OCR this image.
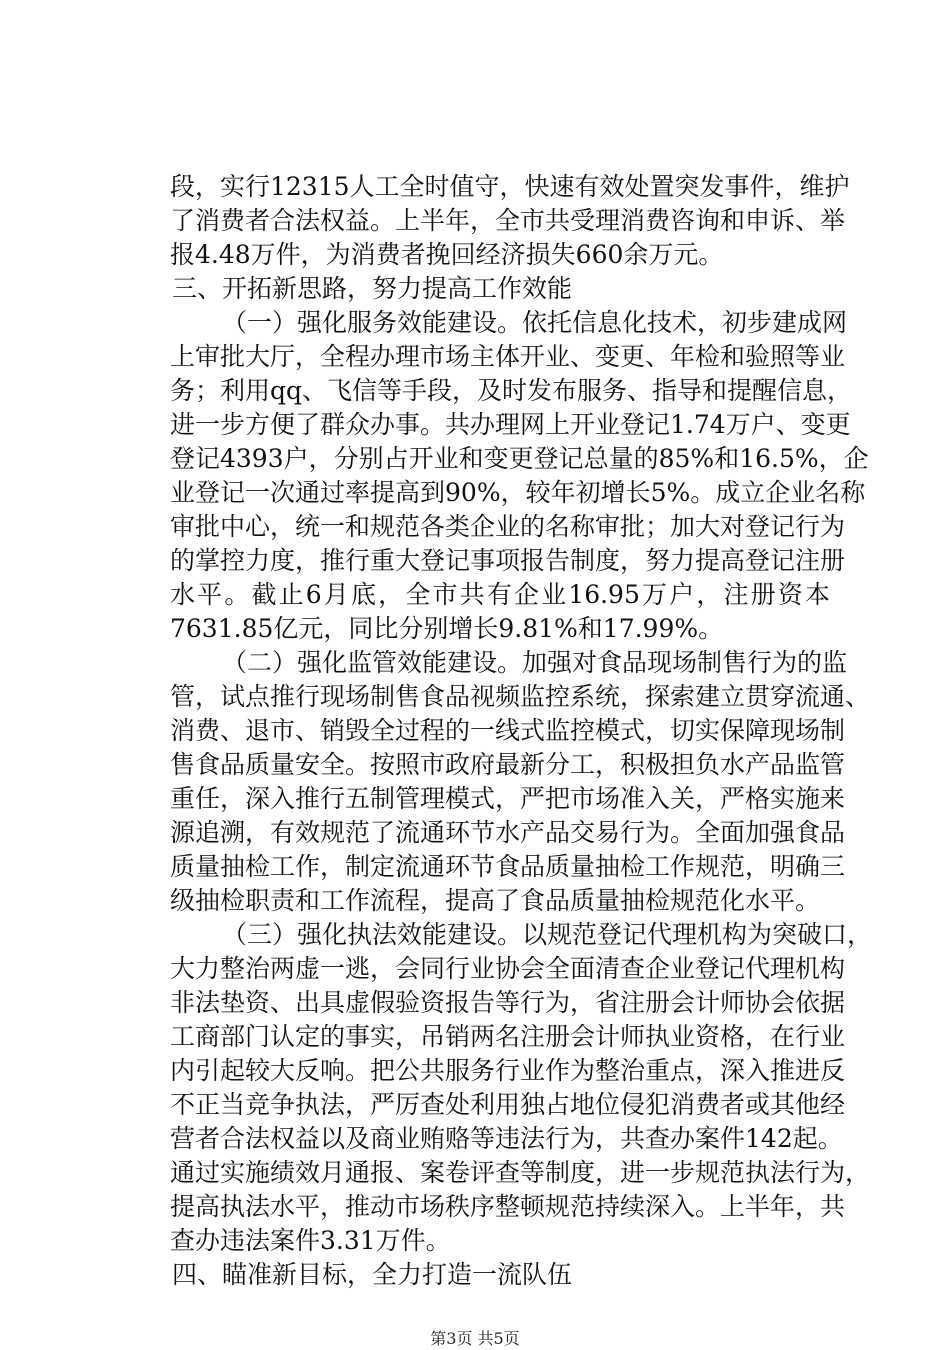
段，实行12315人工全时值守，快速有效处置突发事件，维护
了消费者合法权益。上半年，全市共受理消费咨询和申诉、举
报4.48万件，为消费者挽回经济损失660余万元。
三、开拓新思路，努力提高工作效能
（一）强化服务效能建设。依托信息化技术，初步建成网
上审批大厅，全程办理市场主体开业、变更、年检和验照等业
务；利用qq、飞信等手段，及时发布服务、指导和提醒信息，
进一步方便了群众办事。共办理网上开业登记1.74万户、变更
登记4393户，分别占开业和变更登记总量的85%和16.5%，企
业登记一次通过率提高到90%，较年初增长5%。成立企业名称
审批中心，统一和规范各类企业的名称审批；加大对登记行为
的掌控力度，推行重大登记事项报告制度，努力提高登记注册
水平。截止6月底，全市共有企业16.95万户，注册资本
7631.85亿元，同比分别增长9.81%和17.99%。
（二）强化监管效能建设。加强对食品现场制售行为的监
管，试点推行现场制售食品视频监控系统，探索建立贯穿流通、
消费、退市、销毁全过程的一线式监控模式，切实保障现场制
售食品质量安全。按照市政府最新分工，积极担负水产品监管
重任，深入推行五制管理模式，严把市场准入关，严格实施来
源追溯，有效规范了流通环节水产品交易行为。全面加强食品
质量抽检工作，制定流通环节食品质量抽检工作规范，明确三
级抽检职责和工作流程，提高了食品质量抽检规范化水平。
（三）强化执法效能建设。以规范登记代理机构为突破口，
大力整治两虚一逃，会同行业协会全面清查企业登记代理机构
非法垫资、出具虚假验资报告等行为，省注册会计师协会依据
工商部门认定的事实，吊销两名注册会计师执业资格，在行业
内引起较大反响。把公共服务行业作为整治重点，深入推进反
不正当竞争执法，严厉查处利用独占地位侵犯消费者或其他经
营者合法权益以及商业贿赂等违法行为，共查办案件142起。
通过实施绩效月通报、案卷评查等制度，进一步规范执法行为，
提高执法水平，推动市场秩序整顿规范持续深入。上半年，共
查办违法案件3.31万件。
四、瞄准新目标，全力打造一流队伍
第3页 共5页
